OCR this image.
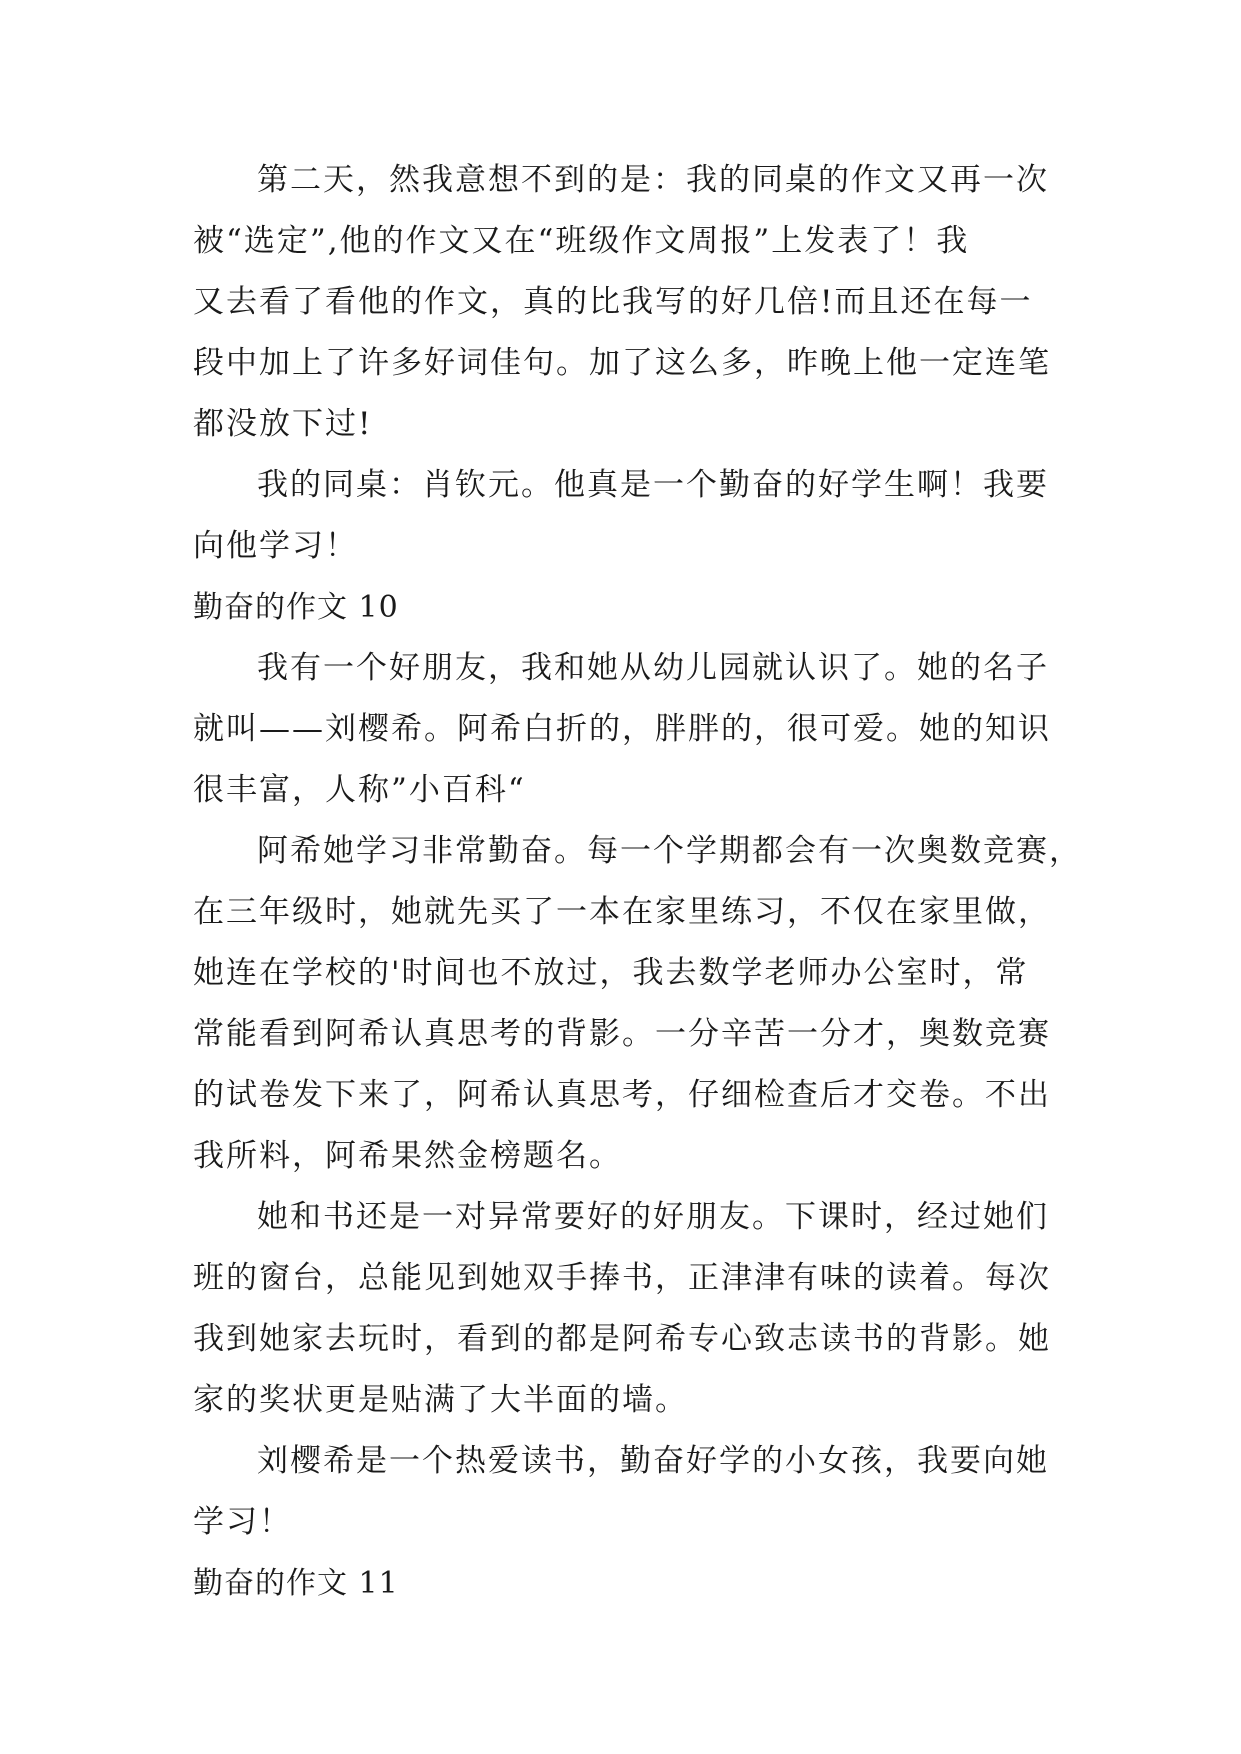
第二天，然我意想不到的是：我的同桌的作文又再一次
被“选定”,他的作文又在“班级作文周报”上发表了！我
又去看了看他的作文，真的比我写的好几倍!而且还在每一
段中加上了许多好词佳句。加了这么多，昨晚上他一定连笔
都没放下过!
我的同桌：肖钦元。他真是一个勤奋的好学生啊！我要
向他学习！
勤奋的作文 10
我有一个好朋友，我和她从幼儿园就认识了。她的名子
就叫——刘樱希。阿希白折的，胖胖的，很可爱。她的知识
很丰富，人称”小百科“
阿希她学习非常勤奋。每一个学期都会有一次奥数竞赛，
在三年级时，她就先买了一本在家里练习，不仅在家里做，
她连在学校的'时间也不放过，我去数学老师办公室时，常
常能看到阿希认真思考的背影。一分辛苦一分才，奥数竞赛
的试卷发下来了，阿希认真思考，仔细检查后才交卷。不出
我所料，阿希果然金榜题名。
她和书还是一对异常要好的好朋友。下课时，经过她们
班的窗台，总能见到她双手捧书，正津津有味的读着。每次
我到她家去玩时，看到的都是阿希专心致志读书的背影。她
家的奖状更是贴满了大半面的墙。
刘樱希是一个热爱读书，勤奋好学的小女孩，我要向她
学习！
勤奋的作文 11
